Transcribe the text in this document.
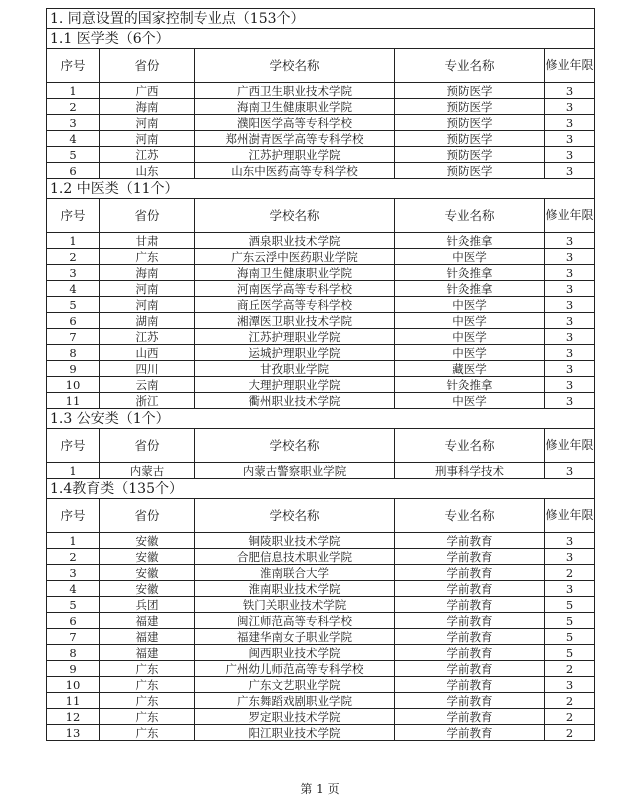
1. 同意设置的国家控制专业点（153个）				
1.1 医学类（6个）				
序号	省份	学校名称	专业名称	修业年限
1	广西	广西卫生职业技术学院	预防医学	3
2	海南	海南卫生健康职业学院	预防医学	3
3	河南	濮阳医学高等专科学校	预防医学	3
4	河南	郑州澍青医学高等专科学校	预防医学	3
5	江苏	江苏护理职业学院	预防医学	3
6	山东	山东中医药高等专科学校	预防医学	3
1.2 中医类（11个）				
序号	省份	学校名称	专业名称	修业年限
1	甘肃	酒泉职业技术学院	针灸推拿	3
2	广东	广东云浮中医药职业学院	中医学	3
3	海南	海南卫生健康职业学院	针灸推拿	3
4	河南	河南医学高等专科学校	针灸推拿	3
5	河南	商丘医学高等专科学校	中医学	3
6	湖南	湘潭医卫职业技术学院	中医学	3
7	江苏	江苏护理职业学院	中医学	3
8	山西	运城护理职业学院	中医学	3
9	四川	甘孜职业学院	藏医学	3
10	云南	大理护理职业学院	针灸推拿	3
11	浙江	衢州职业技术学院	中医学	3
1.3 公安类（1个）				
序号	省份	学校名称	专业名称	修业年限
1	内蒙古	内蒙古警察职业学院	刑事科学技术	3
1.4教育类（135个）				
序号	省份	学校名称	专业名称	修业年限
1	安徽	铜陵职业技术学院	学前教育	3
2	安徽	合肥信息技术职业学院	学前教育	3
3	安徽	淮南联合大学	学前教育	2
4	安徽	淮南职业技术学院	学前教育	3
5	兵团	铁门关职业技术学院	学前教育	5
6	福建	闽江师范高等专科学校	学前教育	5
7	福建	福建华南女子职业学院	学前教育	5
8	福建	闽西职业技术学院	学前教育	5
9	广东	广州幼儿师范高等专科学校	学前教育	2
10	广东	广东文艺职业学院	学前教育	3
11	广东	广东舞蹈戏剧职业学院	学前教育	2
12	广东	罗定职业技术学院	学前教育	2
13	广东	阳江职业技术学院	学前教育	2
第 1 页
